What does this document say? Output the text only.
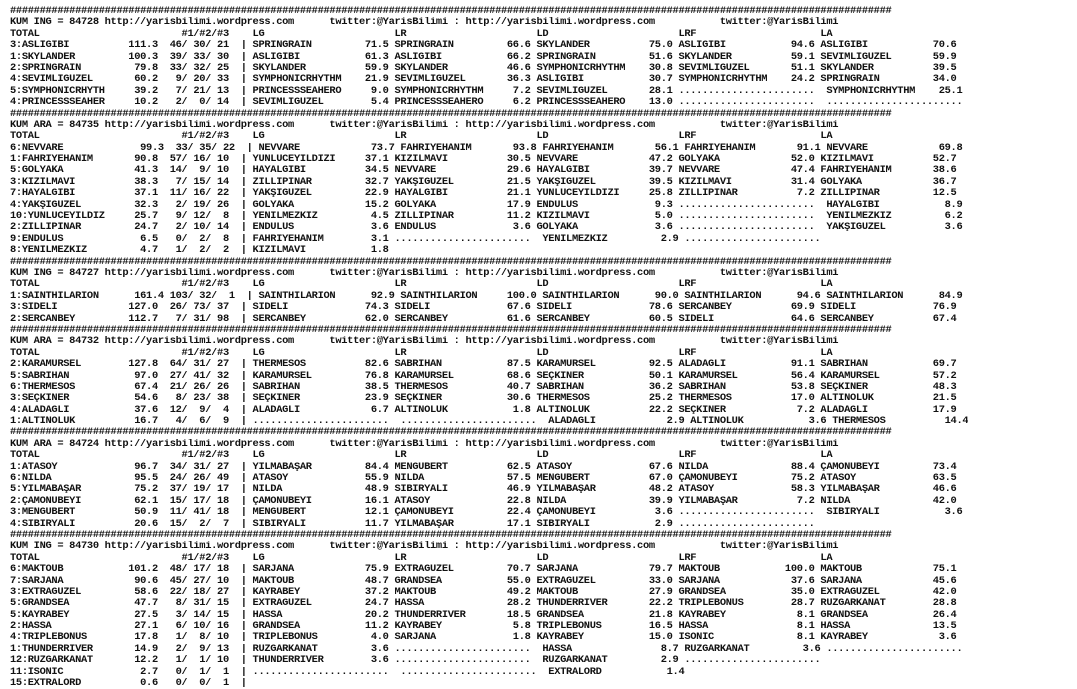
#####################################################################################################################################################
KUM ING = 84728 http://yarisbilimi.wordpress.com      twitter:@YarisBilimi : http://yarisbilimi.wordpress.com           twitter:@YarisBilimi
TOTAL                        #1/#2/#3    LG                      LR                      LD                      LRF                     LA
3:ASLIGIBI          111.3  46/ 30/ 21  | SPRINGRAIN         71.5 SPRINGRAIN         66.6 SKYLANDER          75.0 ASLIGIBI           94.6 ASLIGIBI           70.6
1:SKYLANDER         100.3  39/ 33/ 30  | ASLIGIBI           61.3 ASLIGIBI           66.2 SPRINGRAIN         51.6 SKYLANDER          59.1 SEVİMLİGÜZEL       59.9
2:SPRINGRAIN         79.8  33/ 32/ 25  | SKYLANDER          59.9 SKYLANDER          46.6 SYMPHONICRHYTHM    30.8 SEVİMLİGÜZEL       51.1 SKYLANDER          39.5
4:SEVİMLİGÜZEL       60.2   9/ 20/ 33  | SYMPHONICRHYTHM    21.9 SEVİMLİGÜZEL       36.3 ASLIGIBI           30.7 SYMPHONICRHYTHM    24.2 SPRINGRAIN         34.0
5:SYMPHONICRHYTH     39.2   7/ 21/ 13  | PRINCESSSEAHERO     9.0 SYMPHONICRHYTHM     7.2 SEVİMLİGÜZEL       28.1 .......................  SYMPHONICRHYTHM    25.1
4:PRINCESSSEAHER     10.2   2/  0/ 14  | SEVİMLİGÜZEL        5.4 PRINCESSSEAHERO     6.2 PRINCESSSEAHERO    13.0 .......................  .......................
#####################################################################################################################################################
KUM ARA = 84735 http://yarisbilimi.wordpress.com      twitter:@YarisBilimi : http://yarisbilimi.wordpress.com           twitter:@YarisBilimi
TOTAL                        #1/#2/#3    LG                      LR                      LD                      LRF                     LA
6:NEVVARE             99.3  33/ 35/ 22  | NEVVARE            73.7 FAHRİYEHANIM       93.8 FAHRİYEHANIM       56.1 FAHRİYEHANIM       91.1 NEVVARE            69.8
1:FAHRİYEHANIM       90.8  57/ 16/ 10  | YÜNLÜCEYILDIZI     37.1 KIZILMAVİ          30.5 NEVVARE            47.2 GÖLYAKA            52.0 KIZILMAVİ          52.7
5:GÖLYAKA            41.3  14/  9/ 10  | HAYALGİBİ          34.5 NEVVARE            29.6 HAYALGİBİ          39.7 NEVVARE            47.4 FAHRİYEHANIM       38.6
3:KIZILMAVİ          38.3   7/ 15/ 14  | ZİLLİPINAR         32.7 YAKŞIGÜZEL         21.5 YAKŞIGÜZEL         39.5 KIZILMAVİ          31.4 GÖLYAKA            36.7
7:HAYALGİBİ          37.1  11/ 16/ 22  | YAKŞIGÜZEL         22.9 HAYALGİBİ          21.1 YÜNLÜCEYILDIZI     25.8 ZİLLİPINAR          7.2 ZİLLİPINAR         12.5
4:YAKŞIGÜZEL         32.3   2/ 19/ 26  | GÖLYAKA            15.2 GÖLYAKA            17.9 ENDÜLÜS             9.3 .......................  HAYALGİBİ           8.9
10:YÜNLÜCEYILDIZ     25.7   9/ 12/  8  | YENİLMEZKIZ         4.5 ZİLLİPINAR         11.2 KIZILMAVİ           5.0 .......................  YENİLMEZKIZ         6.2
2:ZİLLİPINAR         24.7   2/ 10/ 14  | ENDÜLÜS             3.6 ENDÜLÜS             3.6 GÖLYAKA             3.6 .......................  YAKŞIGÜZEL          3.6
9:ENDÜLÜS             6.5   0/  2/  8  | FAHRİYEHANIM        3.1 .......................  YENİLMEZKIZ         2.9 .......................
8:YENİLMEZKIZ         4.7   1/  2/  2  | KIZILMAVİ           1.8
#####################################################################################################################################################
KUM ING = 84727 http://yarisbilimi.wordpress.com      twitter:@YarisBilimi : http://yarisbilimi.wordpress.com           twitter:@YarisBilimi
TOTAL                        #1/#2/#3    LG                      LR                      LD                      LRF                     LA
1:SAINTHİLARION      161.4 103/ 32/  1  | SAINTHİLARION      92.9 SAINTHİLARION     100.0 SAINTHİLARION      90.0 SAINTHİLARION      94.6 SAINTHİLARION      84.9
3:SİDELİ            127.0  26/ 73/ 37  | SİDELİ             74.3 SİDELİ             67.6 SİDELİ             78.6 SERCANBEY          69.9 SİDELİ             76.9
2:SERCANBEY         112.7   7/ 31/ 98  | SERCANBEY          62.0 SERCANBEY          61.6 SERCANBEY          60.5 SİDELİ             64.6 SERCANBEY          67.4
#####################################################################################################################################################
KUM ARA = 84732 http://yarisbilimi.wordpress.com      twitter:@YarisBilimi : http://yarisbilimi.wordpress.com           twitter:@YarisBilimi
TOTAL                        #1/#2/#3    LG                      LR                      LD                      LRF                     LA
2:KARAMÜRSEL        127.8  64/ 31/ 27  | THERMESOS          82.6 SABRİHAN           87.5 KARAMÜRSEL         92.5 ALADAĞLI           91.1 SABRİHAN           69.7
5:SABRİHAN           97.0  27/ 41/ 32  | KARAMÜRSEL         76.8 KARAMÜRSEL         68.6 SEÇKİNER           50.1 KARAMÜRSEL         56.4 KARAMÜRSEL         57.2
6:THERMESOS          67.4  21/ 26/ 26  | SABRİHAN           38.5 THERMESOS          40.7 SABRİHAN           36.2 SABRİHAN           53.8 SEÇKİNER           48.3
3:SEÇKİNER           54.6   8/ 23/ 38  | SEÇKİNER           23.9 SEÇKİNER           30.6 THERMESOS          25.2 THERMESOS          17.0 ALTINOLUK          21.5
4:ALADAĞLI           37.6  12/  9/  4  | ALADAĞLI            6.7 ALTINOLUK           1.8 ALTINOLUK          22.2 SEÇKİNER            7.2 ALADAĞLI           17.9
1:ALTINOLUK          16.7   4/  6/  9  | .......................  .......................  ALADAĞLI            2.9 ALTINOLUK           3.6 THERMESOS          14.4
#####################################################################################################################################################
KUM ARA = 84724 http://yarisbilimi.wordpress.com      twitter:@YarisBilimi : http://yarisbilimi.wordpress.com           twitter:@YarisBilimi
TOTAL                        #1/#2/#3    LG                      LR                      LD                      LRF                     LA
1:ATASOY             96.7  34/ 31/ 27  | YILMABAŞAR         84.4 MENGÜBERT          62.5 ATASOY             67.6 NİLDA              88.4 ÇAMÖNÜBEYİ         73.4
6:NİLDA              95.5  24/ 26/ 49  | ATASOY             55.9 NİLDA              57.5 MENGÜBERT          67.0 ÇAMÖNÜBEYİ         75.2 ATASOY             63.5
5:YILMABAŞAR         75.2  37/ 19/ 17  | NİLDA              48.9 SİBİRYALI          46.9 YILMABAŞAR         48.2 ATASOY             58.3 YILMABAŞAR         46.6
2:ÇAMÖNÜBEYİ         62.1  15/ 17/ 18  | ÇAMÖNÜBEYİ         16.1 ATASOY             22.8 NİLDA              39.9 YILMABAŞAR          7.2 NİLDA              42.0
3:MENGÜBERT          50.9  11/ 41/ 18  | MENGÜBERT          12.1 ÇAMÖNÜBEYİ         22.4 ÇAMÖNÜBEYİ          3.6 .......................  SİBİRYALI           3.6
4:SİBİRYALI          20.6  15/  2/  7  | SİBİRYALI          11.7 YILMABAŞAR         17.1 SİBİRYALI           2.9 .......................
#####################################################################################################################################################
KUM ING = 84730 http://yarisbilimi.wordpress.com      twitter:@YarisBilimi : http://yarisbilimi.wordpress.com           twitter:@YarisBilimi
TOTAL                        #1/#2/#3    LG                      LR                      LD                      LRF                     LA
6:MAKTOUB           101.2  48/ 17/ 18  | SARJANA            75.9 EXTRAGÜZEL         70.7 SARJANA            79.7 MAKTOUB           100.0 MAKTOUB            75.1
7:SARJANA            90.6  45/ 27/ 10  | MAKTOUB            48.7 GRANDSEA           55.0 EXTRAGÜZEL         33.0 SARJANA            37.6 SARJANA            45.6
3:EXTRAGÜZEL         58.6  22/ 18/ 27  | KAYRABEY           37.2 MAKTOUB            49.2 MAKTOUB            27.9 GRANDSEA           35.0 EXTRAGÜZEL         42.0
5:GRANDSEA           47.7   8/ 31/ 15  | EXTRAGÜZEL         24.7 HASSA              28.2 THUNDERRIVER       22.2 TRIPLEBONUS        28.7 RÜZGARKANAT        28.8
5:KAYRABEY           27.5   3/ 14/ 15  | HASSA              20.2 THUNDERRIVER       18.5 GRANDSEA           21.8 KAYRABEY            8.1 GRANDSEA           26.4
2:HASSA              27.1   6/ 10/ 16  | GRANDSEA           11.2 KAYRABEY            5.8 TRIPLEBONUS        16.5 HASSA               8.1 HASSA              13.5
4:TRIPLEBONUS        17.8   1/  8/ 10  | TRIPLEBONUS         4.0 SARJANA             1.8 KAYRABEY           15.0 ISONIC              8.1 KAYRABEY            3.6
1:THUNDERRIVER       14.9   2/  9/ 13  | RÜZGARKANAT         3.6 .......................  HASSA               8.7 RÜZGARKANAT         3.6 .......................
12:RÜZGARKANAT       12.2   1/  1/ 10  | THUNDERRIVER        3.6 .......................  RÜZGARKANAT         2.9 .......................
11:ISONIC             2.7   0/  1/  1  | .......................  .......................  EXTRALORD           1.4
15:EXTRALORD          0.6   0/  0/  1  |
